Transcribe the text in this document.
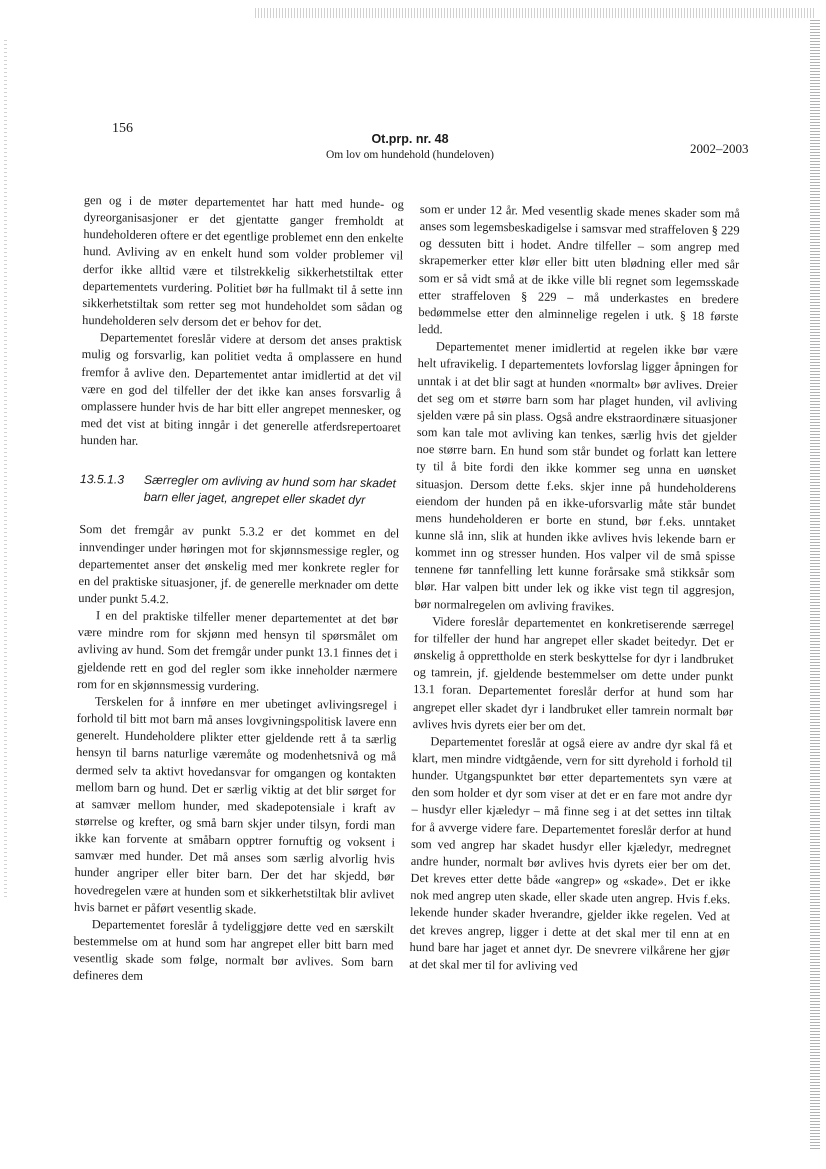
156
Ot.prp. nr. 48
Om lov om hundehold (hundeloven)	2002–2003

gen og i de møter departementet har hatt med hunde- og dyreorganisasjoner er det gjentatte ganger fremholdt at hundeholderen oftere er det egentlige problemet enn den enkelte hund. Avliving av en enkelt hund som volder problemer vil derfor ikke alltid være et tilstrekkelig sikkerhetstiltak etter departementets vurdering. Politiet bør ha fullmakt til å sette inn sikkerhetstiltak som retter seg mot hundeholdet som sådan og hundeholderen selv dersom det er behov for det.

Departementet foreslår videre at dersom det anses praktisk mulig og forsvarlig, kan politiet vedta å omplassere en hund fremfor å avlive den. Departementet antar imidlertid at det vil være en god del tilfeller der det ikke kan anses forsvarlig å omplassere hunder hvis de har bitt eller angrepet mennesker, og med det vist at biting inngår i det generelle atferdsrepertoaret hunden har.

13.5.1.3	Særregler om avliving av hund som har skadet barn eller jaget, angrepet eller skadet dyr

Som det fremgår av punkt 5.3.2 er det kommet en del innvendinger under høringen mot for skjønnsmessige regler, og departementet anser det ønskelig med mer konkrete regler for en del praktiske situasjoner, jf. de generelle merknader om dette under punkt 5.4.2.

I en del praktiske tilfeller mener departementet at det bør være mindre rom for skjønn med hensyn til spørsmålet om avliving av hund. Som det fremgår under punkt 13.1 finnes det i gjeldende rett en god del regler som ikke inneholder nærmere rom for en skjønnsmessig vurdering.

Terskelen for å innføre en mer ubetinget avlivingsregel i forhold til bitt mot barn må anses lovgivningspolitisk lavere enn generelt. Hundeholdere plikter etter gjeldende rett å ta særlig hensyn til barns naturlige væremåte og modenhetsnivå og må dermed selv ta aktivt hovedansvar for omgangen og kontakten mellom barn og hund. Det er særlig viktig at det blir sørget for at samvær mellom hunder, med skadepotensiale i kraft av størrelse og krefter, og små barn skjer under tilsyn, fordi man ikke kan forvente at småbarn opptrer fornuftig og voksent i samvær med hunder. Det må anses som særlig alvorlig hvis hunder angriper eller biter barn. Der det har skjedd, bør hovedregelen være at hunden som et sikkerhetstiltak blir avlivet hvis barnet er påført vesentlig skade.

Departementet foreslår å tydeliggjøre dette ved en særskilt bestemmelse om at hund som har angrepet eller bitt barn med vesentlig skade som følge, normalt bør avlives. Som barn defineres dem

som er under 12 år. Med vesentlig skade menes skader som må anses som legemsbeskadigelse i samsvar med straffeloven § 229 og dessuten bitt i hodet. Andre tilfeller – som angrep med skrapemerker etter klør eller bitt uten blødning eller med sår som er så vidt små at de ikke ville bli regnet som legemsskade etter straffeloven § 229 – må underkastes en bredere bedømmelse etter den alminnelige regelen i utk. § 18 første ledd.

Departementet mener imidlertid at regelen ikke bør være helt ufravikelig. I departementets lovforslag ligger åpningen for unntak i at det blir sagt at hunden «normalt» bør avlives. Dreier det seg om et større barn som har plaget hunden, vil avliving sjelden være på sin plass. Også andre ekstraordinære situasjoner som kan tale mot avliving kan tenkes, særlig hvis det gjelder noe større barn. En hund som står bundet og forlatt kan lettere ty til å bite fordi den ikke kommer seg unna en uønsket situasjon. Dersom dette f.eks. skjer inne på hundeholderens eiendom der hunden på en ikke-uforsvarlig måte står bundet mens hundeholderen er borte en stund, bør f.eks. unntaket kunne slå inn, slik at hunden ikke avlives hvis lekende barn er kommet inn og stresser hunden. Hos valper vil de små spisse tennene før tannfelling lett kunne forårsake små stikksår som blør. Har valpen bitt under lek og ikke vist tegn til aggresjon, bør normalregelen om avliving fravikes.

Videre foreslår departementet en konkretiserende særregel for tilfeller der hund har angrepet eller skadet beitedyr. Det er ønskelig å opprettholde en sterk beskyttelse for dyr i landbruket og tamrein, jf. gjeldende bestemmelser om dette under punkt 13.1 foran. Departementet foreslår derfor at hund som har angrepet eller skadet dyr i landbruket eller tamrein normalt bør avlives hvis dyrets eier ber om det.

Departementet foreslår at også eiere av andre dyr skal få et klart, men mindre vidtgående, vern for sitt dyrehold i forhold til hunder. Utgangspunktet bør etter departementets syn være at den som holder et dyr som viser at det er en fare mot andre dyr – husdyr eller kjæledyr – må finne seg i at det settes inn tiltak for å avverge videre fare. Departementet foreslår derfor at hund som ved angrep har skadet husdyr eller kjæledyr, medregnet andre hunder, normalt bør avlives hvis dyrets eier ber om det. Det kreves etter dette både «angrep» og «skade». Det er ikke nok med angrep uten skade, eller skade uten angrep. Hvis f.eks. lekende hunder skader hverandre, gjelder ikke regelen. Ved at det kreves angrep, ligger i dette at det skal mer til enn at en hund bare har jaget et annet dyr. De snevrere vilkårene her gjør at det skal mer til for avliving ved
